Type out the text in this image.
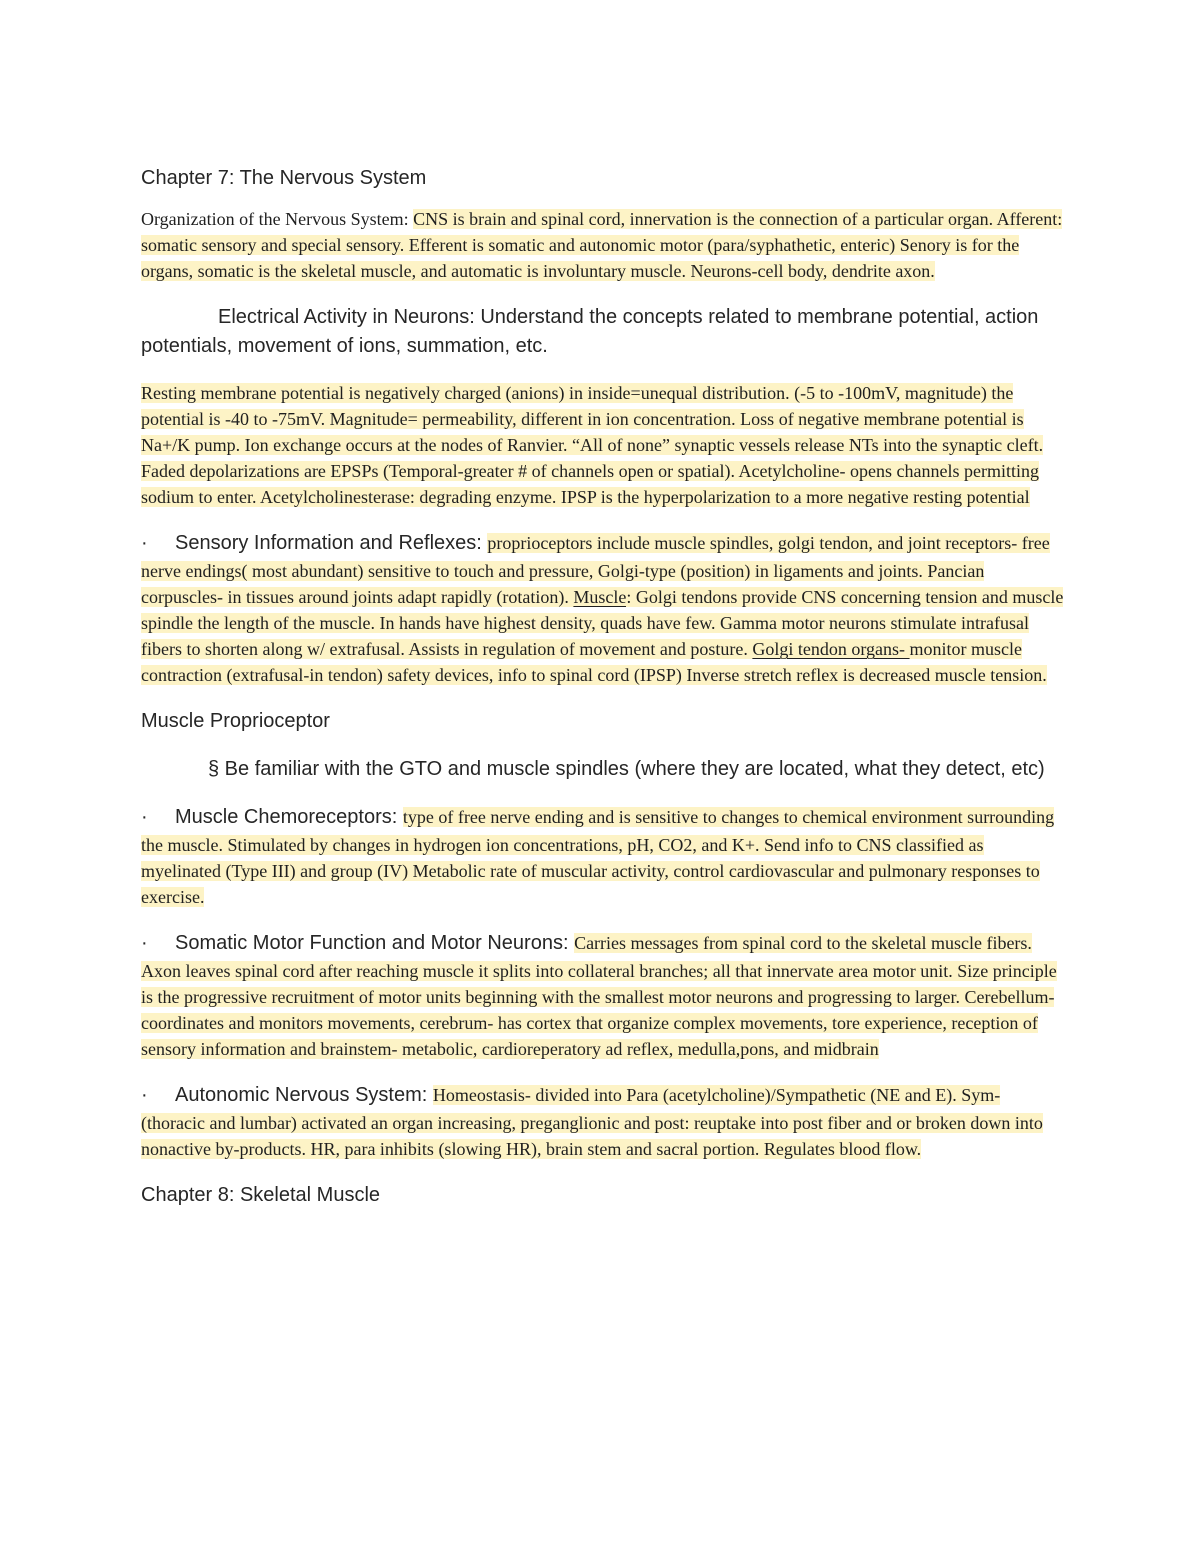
Chapter 7: The Nervous System

Organization of the Nervous System: CNS is brain and spinal cord, innervation is the connection of a particular organ. Afferent: somatic sensory and special sensory. Efferent is somatic and autonomic motor (para/syphathetic, enteric) Senory is for the organs, somatic is the skeletal muscle, and automatic is involuntary muscle. Neurons-cell body, dendrite axon.

Electrical Activity in Neurons: Understand the concepts related to membrane potential, action potentials, movement of ions, summation, etc.

Resting membrane potential is negatively charged (anions) in inside=unequal distribution. (-5 to -100mV, magnitude) the potential is -40 to -75mV. Magnitude= permeability, different in ion concentration. Loss of negative membrane potential is Na+/K pump. Ion exchange occurs at the nodes of Ranvier. “All of none” synaptic vessels release NTs into the synaptic cleft. Faded depolarizations are EPSPs (Temporal-greater # of channels open or spatial). Acetylcholine- opens channels permitting sodium to enter. Acetylcholinesterase: degrading enzyme. IPSP is the hyperpolarization to a more negative resting potential

· Sensory Information and Reflexes: proprioceptors include muscle spindles, golgi tendon, and joint receptors- free nerve endings( most abundant) sensitive to touch and pressure, Golgi-type (position) in ligaments and joints. Pancian corpuscles- in tissues around joints adapt rapidly (rotation). Muscle: Golgi tendons provide CNS concerning tension and muscle spindle the length of the muscle. In hands have highest density, quads have few. Gamma motor neurons stimulate intrafusal fibers to shorten along w/ extrafusal. Assists in regulation of movement and posture. Golgi tendon organs- monitor muscle contraction (extrafusal-in tendon) safety devices, info to spinal cord (IPSP) Inverse stretch reflex is decreased muscle tension.

Muscle Proprioceptor

§ Be familiar with the GTO and muscle spindles (where they are located, what they detect, etc)

· Muscle Chemoreceptors: type of free nerve ending and is sensitive to changes to chemical environment surrounding the muscle. Stimulated by changes in hydrogen ion concentrations, pH, CO2, and K+. Send info to CNS classified as myelinated (Type III) and group (IV) Metabolic rate of muscular activity, control cardiovascular and pulmonary responses to exercise.

· Somatic Motor Function and Motor Neurons: Carries messages from spinal cord to the skeletal muscle fibers. Axon leaves spinal cord after reaching muscle it splits into collateral branches; all that innervate area motor unit. Size principle is the progressive recruitment of motor units beginning with the smallest motor neurons and progressing to larger. Cerebellum-coordinates and monitors movements, cerebrum- has cortex that organize complex movements, tore experience, reception of sensory information and brainstem- metabolic, cardioreperatory ad reflex, medulla,pons, and midbrain

· Autonomic Nervous System: Homeostasis- divided into Para (acetylcholine)/Sympathetic (NE and E). Sym- (thoracic and lumbar) activated an organ increasing, preganglionic and post: reuptake into post fiber and or broken down into nonactive by-products. HR, para inhibits (slowing HR), brain stem and sacral portion. Regulates blood flow.

Chapter 8: Skeletal Muscle
